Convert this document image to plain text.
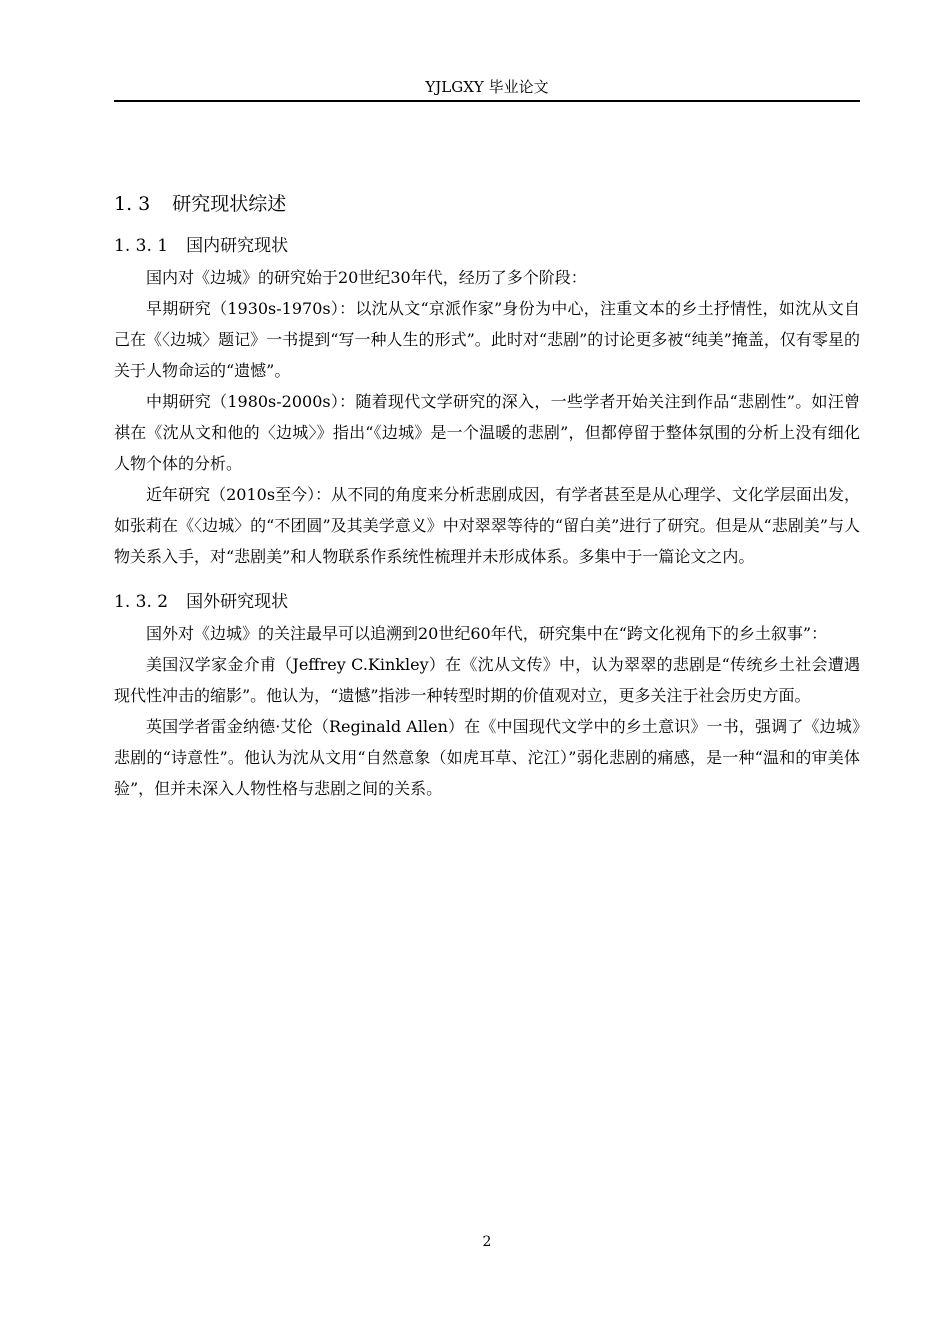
YJLGXY 毕业论文
1. 3 研究现状综述
1. 3. 1 国内研究现状

国内对《边城》的研究始于20世纪30年代，经历了多个阶段：

早期研究（1930s-1970s）：以沈从文“京派作家”身份为中心，注重文本的乡土抒情性，如沈从文自己在《〈边城〉题记》一书提到“写一种人生的形式”。此时对“悲剧”的讨论更多被“纯美”掩盖，仅有零星的关于人物命运的“遗憾”。

中期研究（1980s-2000s）：随着现代文学研究的深入，一些学者开始关注到作品“悲剧性”。如汪曾祺在《沈从文和他的〈边城〉》指出“《边城》是一个温暖的悲剧”，但都停留于整体氛围的分析上没有细化人物个体的分析。

近年研究（2010s至今）：从不同的角度来分析悲剧成因，有学者甚至是从心理学、文化学层面出发，如张莉在《〈边城〉的“不团圆”及其美学意义》中对翠翠等待的“留白美”进行了研究。但是从“悲剧美”与人物关系入手，对“悲剧美”和人物联系作系统性梳理并未形成体系。多集中于一篇论文之内。

1. 3. 2 国外研究现状

国外对《边城》的关注最早可以追溯到20世纪60年代，研究集中在“跨文化视角下的乡土叙事”：

美国汉学家金介甫（Jeffrey C.Kinkley）在《沈从文传》中，认为翠翠的悲剧是“传统乡土社会遭遇现代性冲击的缩影”。他认为，“遗憾”指涉一种转型时期的价值观对立，更多关注于社会历史方面。

英国学者雷金纳德·艾伦（Reginald Allen）在《中国现代文学中的乡土意识》一书，强调了《边城》悲剧的“诗意性”。他认为沈从文用“自然意象（如虎耳草、沱江）”弱化悲剧的痛感，是一种“温和的审美体验”，但并未深入人物性格与悲剧之间的关系。

2
